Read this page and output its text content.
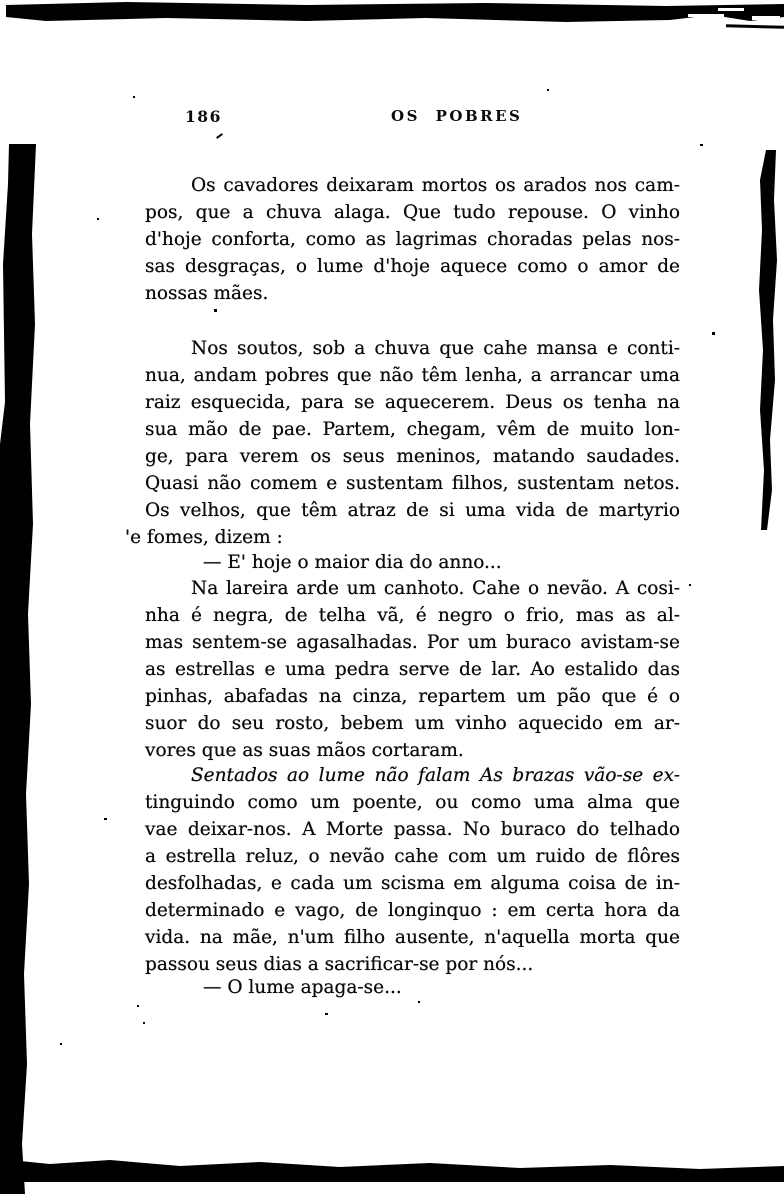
186	OS POBRES
Os cavadores deixaram mortos os arados nos cam-
pos, que a chuva alaga. Que tudo repouse. O vinho
d'hoje conforta, como as lagrimas choradas pelas nos-
sas desgraças, o lume d'hoje aquece como o amor de
nossas mães.
Nos soutos, sob a chuva que cahe mansa e conti-
nua, andam pobres que não têm lenha, a arrancar uma
raiz esquecida, para se aquecerem. Deus os tenha na
sua mão de pae. Partem, chegam, vêm de muito lon-
ge, para verem os seus meninos, matando saudades.
Quasi não comem e sustentam filhos, sustentam netos.
Os velhos, que têm atraz de si uma vida de martyrio
'e fomes, dizem :
— E' hoje o maior dia do anno...
Na lareira arde um canhoto. Cahe o nevão. A cosi-
nha é negra, de telha vã, é negro o frio, mas as al-
mas sentem-se agasalhadas. Por um buraco avistam-se
as estrellas e uma pedra serve de lar. Ao estalido das
pinhas, abafadas na cinza, repartem um pão que é o
suor do seu rosto, bebem um vinho aquecido em ar-
vores que as suas mãos cortaram.
Sentados ao lume não falam As brazas vão-se ex-
tinguindo como um poente, ou como uma alma que
vae deixar-nos. A Morte passa. No buraco do telhado
a estrella reluz, o nevão cahe com um ruido de flôres
desfolhadas, e cada um scisma em alguma coisa de in-
determinado e vago, de longinquo : em certa hora da
vida. na mãe, n'um filho ausente, n'aquella morta que
passou seus dias a sacrificar-se por nós...
— O lume apaga-se...
